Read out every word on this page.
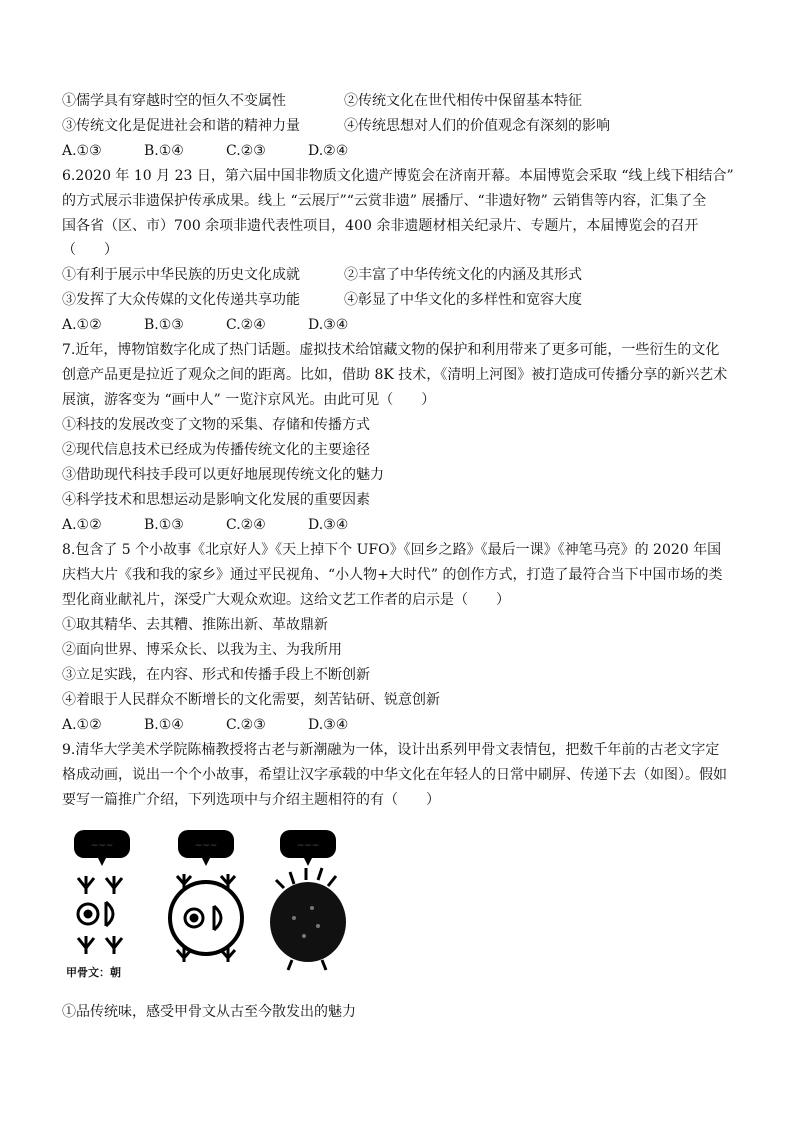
①儒学具有穿越时空的恒久不变属性	②传统文化在世代相传中保留基本特征
③传统文化是促进社会和谐的精神力量	④传统思想对人们的价值观念有深刻的影响
A.①③	B.①④	C.②③	D.②④
6.2020 年 10 月 23 日，第六届中国非物质文化遗产博览会在济南开幕。本届博览会采取 “线上线下相结合”
的方式展示非遗保护传承成果。线上 “云展厅”“云赏非遗” 展播厅、“非遗好物” 云销售等内容，汇集了全
国各省（区、市）700 余项非遗代表性项目，400 余非遗题材相关纪录片、专题片，本届博览会的召开
（　　）
①有利于展示中华民族的历史文化成就	②丰富了中华传统文化的内涵及其形式
③发挥了大众传媒的文化传递共享功能	④彰显了中华文化的多样性和宽容大度
A.①②	B.①③	C.②④	D.③④
7.近年，博物馆数字化成了热门话题。虚拟技术给馆藏文物的保护和利用带来了更多可能，一些衍生的文化
创意产品更是拉近了观众之间的距离。比如，借助 8K 技术，《清明上河图》被打造成可传播分享的新兴艺术
展演，游客变为 “画中人” 一览汴京风光。由此可见（　　）
①科技的发展改变了文物的采集、存储和传播方式
②现代信息技术已经成为传播传统文化的主要途径
③借助现代科技手段可以更好地展现传统文化的魅力
④科学技术和思想运动是影响文化发展的重要因素
A.①②	B.①③	C.②④	D.③④
8.包含了 5 个小故事《北京好人》《天上掉下个 UFO》《回乡之路》《最后一课》《神笔马亮》的 2020 年国
庆档大片《我和我的家乡》通过平民视角、“小人物+大时代” 的创作方式，打造了最符合当下中国市场的类
型化商业献礼片，深受广大观众欢迎。这给文艺工作者的启示是（　　）
①取其精华、去其糟、推陈出新、革故鼎新
②面向世界、博采众长、以我为主、为我所用
③立足实践，在内容、形式和传播手段上不断创新
④着眼于人民群众不断增长的文化需要，刻苦钻研、锐意创新
A.①②	B.①④	C.②③	D.③④
9.清华大学美术学院陈楠教授将古老与新潮融为一体，设计出系列甲骨文表情包，把数千年前的古老文字定
格成动画，说出一个个小故事，希望让汉字承载的中华文化在年轻人的日常中刷屏、传递下去（如图）。假如
要写一篇推广介绍，下列选项中与介绍主题相符的有（　　）
~~~	~~~	~~~
甲骨文：朝
①品传统味，感受甲骨文从古至今散发出的魅力
